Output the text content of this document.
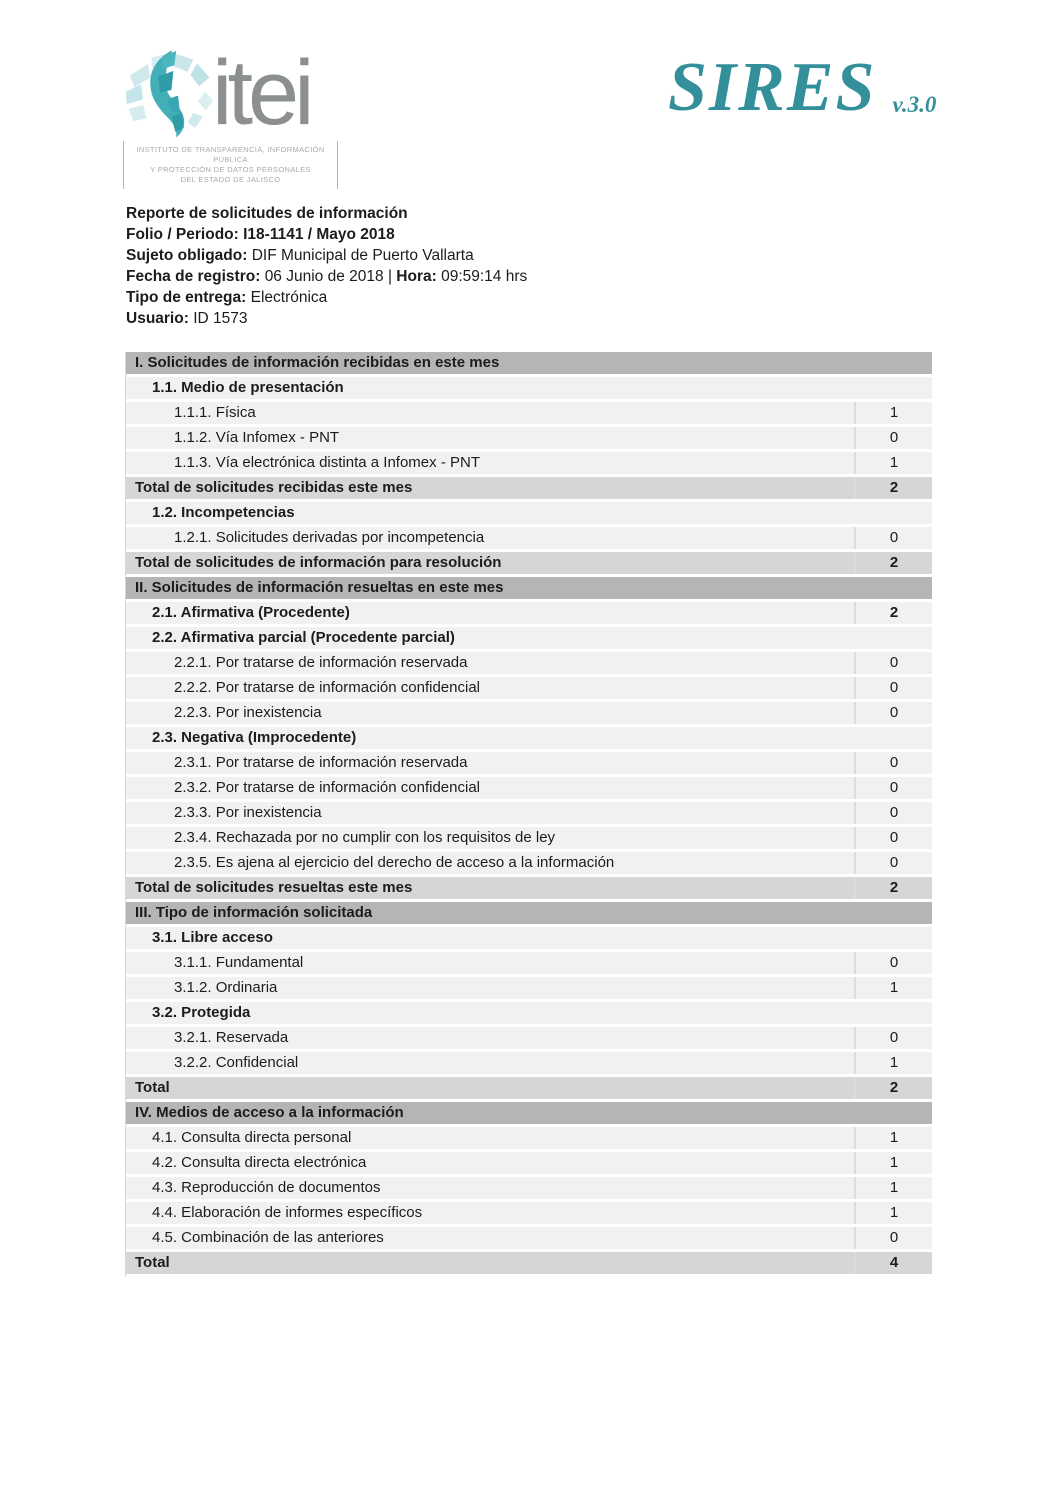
itei
INSTITUTO DE TRANSPARENCIA, INFORMACIÓN PÚBLICA
Y PROTECCIÓN DE DATOS PERSONALES
DEL ESTADO DE JALISCO
SIRES v.3.0
Reporte de solicitudes de información
Folio / Periodo: I18-1141 / Mayo 2018
Sujeto obligado: DIF Municipal de Puerto Vallarta
Fecha de registro: 06 Junio de 2018 | Hora: 09:59:14 hrs
Tipo de entrega: Electrónica
Usuario: ID 1573
I. Solicitudes de información recibidas en este mes
1.1. Medio de presentación
1.1.1. Física	1
1.1.2. Vía Infomex - PNT	0
1.1.3. Vía electrónica distinta a Infomex - PNT	1
Total de solicitudes recibidas este mes	2
1.2. Incompetencias
1.2.1. Solicitudes derivadas por incompetencia	0
Total de solicitudes de información para resolución	2
II. Solicitudes de información resueltas en este mes
2.1. Afirmativa (Procedente)	2
2.2. Afirmativa parcial (Procedente parcial)
2.2.1. Por tratarse de información reservada	0
2.2.2. Por tratarse de información confidencial	0
2.2.3. Por inexistencia	0
2.3. Negativa (Improcedente)
2.3.1. Por tratarse de información reservada	0
2.3.2. Por tratarse de información confidencial	0
2.3.3. Por inexistencia	0
2.3.4. Rechazada por no cumplir con los requisitos de ley	0
2.3.5. Es ajena al ejercicio del derecho de acceso a la información	0
Total de solicitudes resueltas este mes	2
III. Tipo de información solicitada
3.1. Libre acceso
3.1.1. Fundamental	0
3.1.2. Ordinaria	1
3.2. Protegida
3.2.1. Reservada	0
3.2.2. Confidencial	1
Total	2
IV. Medios de acceso a la información
4.1. Consulta directa personal	1
4.2. Consulta directa electrónica	1
4.3. Reproducción de documentos	1
4.4. Elaboración de informes específicos	1
4.5. Combinación de las anteriores	0
Total	4
